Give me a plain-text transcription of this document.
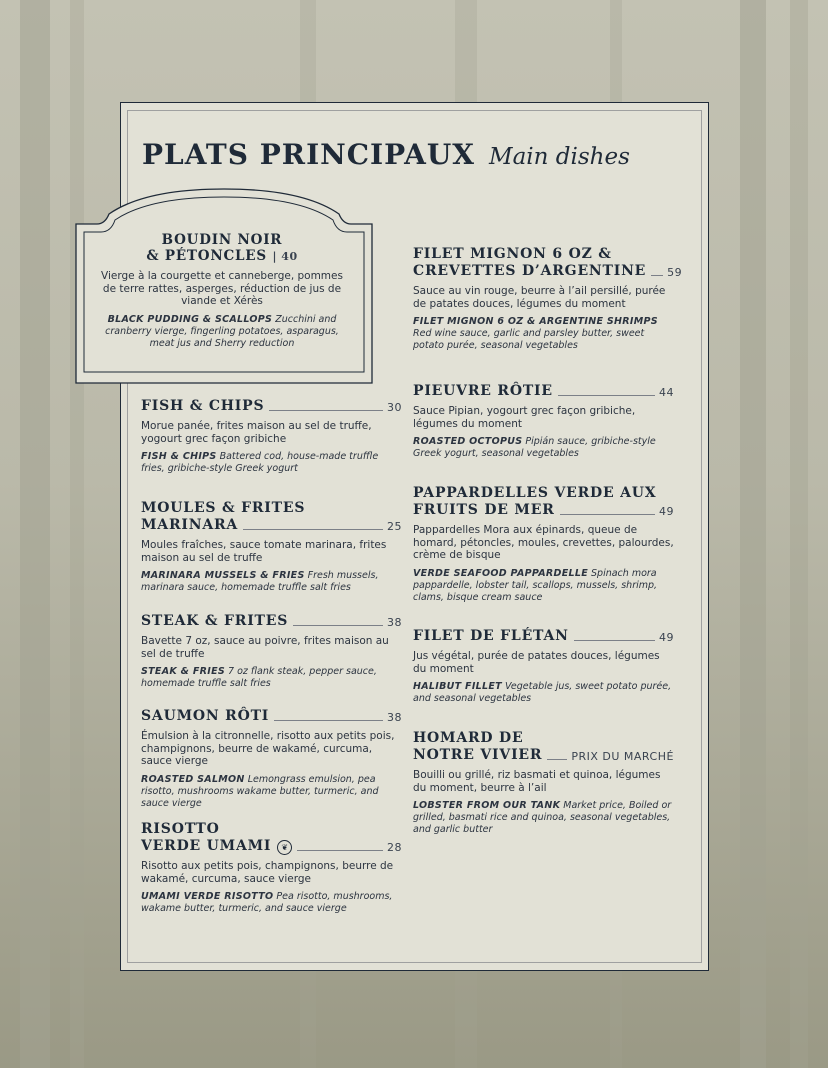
PLATS PRINCIPAUX Main dishes
BOUDIN NOIR
& PÉTONCLES | 40
Vierge à la courgette et canneberge, pommes de terre rattes, asperges, réduction de jus de viande et Xérès
BLACK PUDDING & SCALLOPS Zucchini and cranberry vierge, fingerling potatoes, asparagus, meat jus and Sherry reduction
FISH & CHIPS	30
Morue panée, frites maison au sel de truffe, yogourt grec façon gribiche
FISH & CHIPS Battered cod, house-made truffle fries, gribiche-style Greek yogurt
MOULES & FRITES
MARINARA	25
Moules fraîches, sauce tomate marinara, frites maison au sel de truffe
MARINARA MUSSELS & FRIES Fresh mussels, marinara sauce, homemade truffle salt fries
STEAK & FRITES	38
Bavette 7 oz, sauce au poivre, frites maison au sel de truffe
STEAK & FRIES 7 oz flank steak, pepper sauce, homemade truffle salt fries
SAUMON RÔTI	38
Émulsion à la citronnelle, risotto aux petits pois, champignons, beurre de wakamé, curcuma, sauce vierge
ROASTED SALMON Lemongrass emulsion, pea risotto, mushrooms wakame butter, turmeric, and sauce vierge
RISOTTO
VERDE UMAMI	❦	28
Risotto aux petits pois, champignons, beurre de wakamé, curcuma, sauce vierge
UMAMI VERDE RISOTTO Pea risotto, mushrooms, wakame butter, turmeric, and sauce vierge
FILET MIGNON 6 OZ &
CREVETTES D’ARGENTINE 59
Sauce au vin rouge, beurre à l’ail persillé, purée de patates douces, légumes du moment
FILET MIGNON 6 OZ & ARGENTINE SHRIMPS Red wine sauce, garlic and parsley butter, sweet potato purée, seasonal vegetables
PIEUVRE RÔTIE	44
Sauce Pipian, yogourt grec façon gribiche, légumes du moment
ROASTED OCTOPUS Pipián sauce, gribiche-style Greek yogurt, seasonal vegetables
PAPPARDELLES VERDE AUX
FRUITS DE MER	49
Pappardelles Mora aux épinards, queue de homard, pétoncles, moules, crevettes, palourdes, crème de bisque
VERDE SEAFOOD PAPPARDELLE Spinach mora pappardelle, lobster tail, scallops, mussels, shrimp, clams, bisque cream sauce
FILET DE FLÉTAN	49
Jus végétal, purée de patates douces, légumes du moment
HALIBUT FILLET Vegetable jus, sweet potato purée, and seasonal vegetables
HOMARD DE
NOTRE VIVIER	PRIX DU MARCHÉ
Bouilli ou grillé, riz basmati et quinoa, légumes du moment, beurre à l’ail
LOBSTER FROM OUR TANK Market price, Boiled or grilled, basmati rice and quinoa, seasonal vegetables, and garlic butter
